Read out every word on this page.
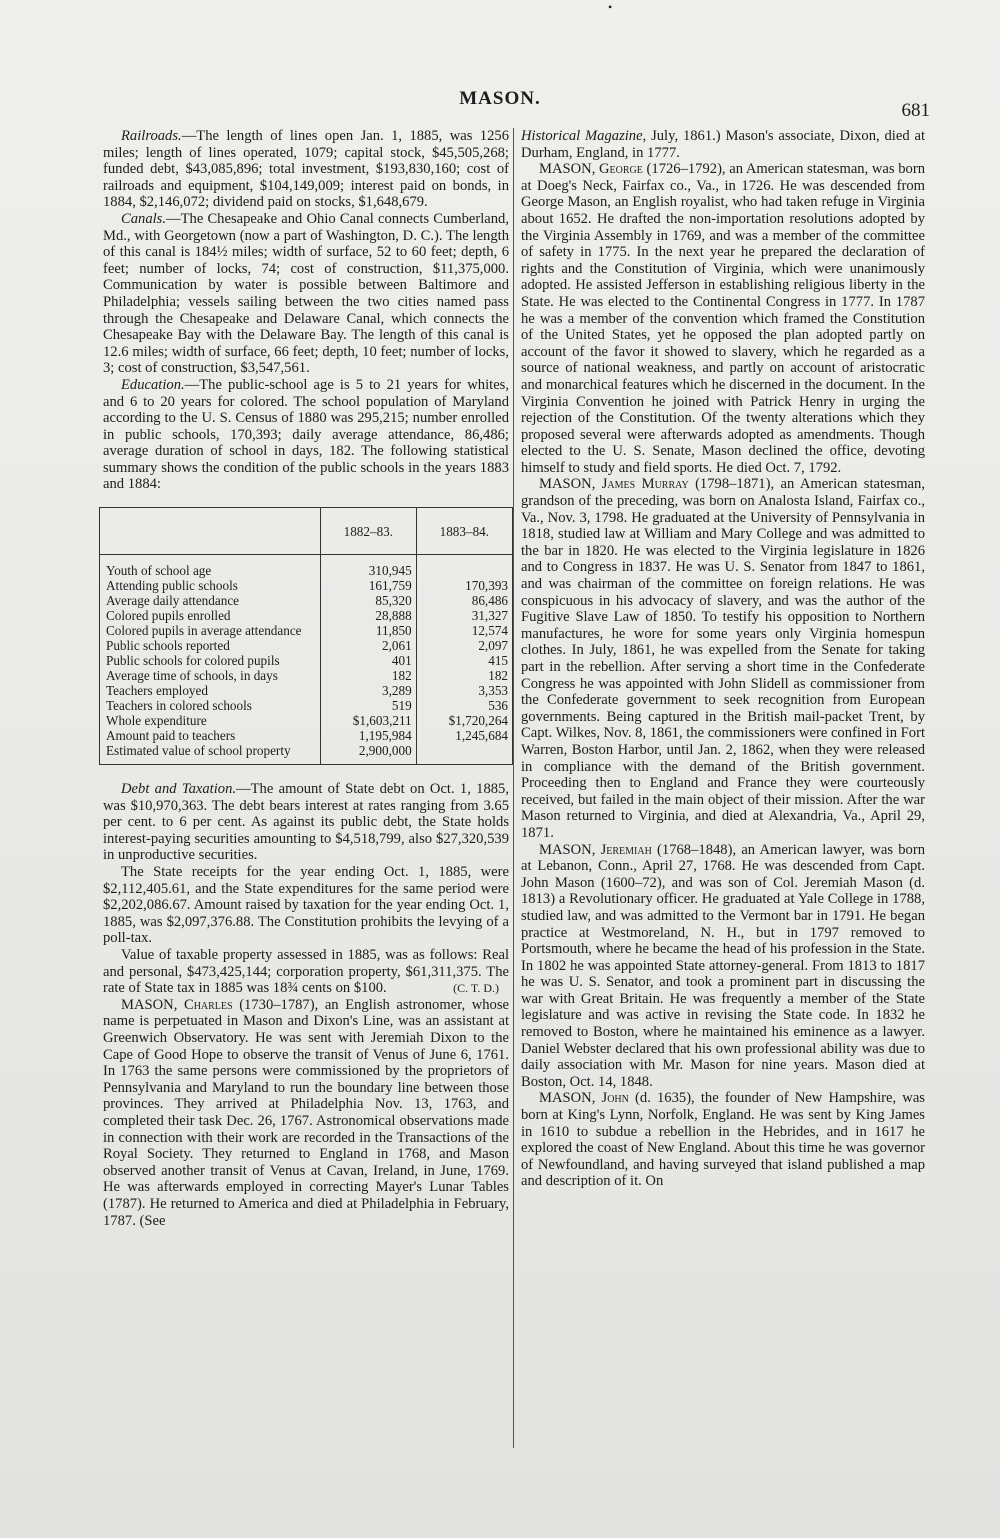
•
MASON.
681

Railroads.—The length of lines open Jan. 1, 1885, was 1256 miles; length of lines operated, 1079; capital stock, $45,505,268; funded debt, $43,085,896; total investment, $193,830,160; cost of railroads and equipment, $104,149,009; interest paid on bonds, in 1884, $2,146,072; dividend paid on stocks, $1,648,679.

Canals.—The Chesapeake and Ohio Canal connects Cumberland, Md., with Georgetown (now a part of Washington, D. C.). The length of this canal is 184½ miles; width of surface, 52 to 60 feet; depth, 6 feet; number of locks, 74; cost of construction, $11,375,000. Communication by water is possible between Baltimore and Philadelphia; vessels sailing between the two cities named pass through the Chesapeake and Delaware Canal, which connects the Chesapeake Bay with the Delaware Bay. The length of this canal is 12.6 miles; width of surface, 66 feet; depth, 10 feet; number of locks, 3; cost of construction, $3,547,561.

Education.—The public-school age is 5 to 21 years for whites, and 6 to 20 years for colored. The school population of Maryland according to the U. S. Census of 1880 was 295,215; number enrolled in public schools, 170,393; daily average attendance, 86,486; average duration of school in days, 182. The following statistical summary shows the condition of the public schools in the years 1883 and 1884:

	1882–83.	1883–84.
Youth of school age	310,945	
Attending public schools	161,759	170,393
Average daily attendance	85,320	86,486
Colored pupils enrolled	28,888	31,327
Colored pupils in average attendance	11,850	12,574
Public schools reported	2,061	2,097
Public schools for colored pupils	401	415
Average time of schools, in days	182	182
Teachers employed	3,289	3,353
Teachers in colored schools	519	536
Whole expenditure	$1,603,211	$1,720,264
Amount paid to teachers	1,195,984	1,245,684
Estimated value of school property	2,900,000	

Debt and Taxation.—The amount of State debt on Oct. 1, 1885, was $10,970,363. The debt bears interest at rates ranging from 3.65 per cent. to 6 per cent. As against its public debt, the State holds interest-paying securities amounting to $4,518,799, also $27,320,539 in unproductive securities.

The State receipts for the year ending Oct. 1, 1885, were $2,112,405.61, and the State expenditures for the same period were $2,202,086.67. Amount raised by taxation for the year ending Oct. 1, 1885, was $2,097,376.88. The Constitution prohibits the levying of a poll-tax.

Value of taxable property assessed in 1885, was as follows: Real and personal, $473,425,144; corporation property, $61,311,375. The rate of State tax in 1885 was 18¾ cents on $100.	(C. T. D.)

MASON, Charles (1730–1787), an English astronomer, whose name is perpetuated in Mason and Dixon's Line, was an assistant at Greenwich Observatory. He was sent with Jeremiah Dixon to the Cape of Good Hope to observe the transit of Venus of June 6, 1761. In 1763 the same persons were commissioned by the proprietors of Pennsylvania and Maryland to run the boundary line between those provinces. They arrived at Philadelphia Nov. 13, 1763, and completed their task Dec. 26, 1767. Astronomical observations made in connection with their work are recorded in the Transactions of the Royal Society. They returned to England in 1768, and Mason observed another transit of Venus at Cavan, Ireland, in June, 1769. He was afterwards employed in correcting Mayer's Lunar Tables (1787). He returned to America and died at Philadelphia in February, 1787. (See

Historical Magazine, July, 1861.) Mason's associate, Dixon, died at Durham, England, in 1777.

MASON, George (1726–1792), an American statesman, was born at Doeg's Neck, Fairfax co., Va., in 1726. He was descended from George Mason, an English royalist, who had taken refuge in Virginia about 1652. He drafted the non-importation resolutions adopted by the Virginia Assembly in 1769, and was a member of the committee of safety in 1775. In the next year he prepared the declaration of rights and the Constitution of Virginia, which were unanimously adopted. He assisted Jefferson in establishing religious liberty in the State. He was elected to the Continental Congress in 1777. In 1787 he was a member of the convention which framed the Constitution of the United States, yet he opposed the plan adopted partly on account of the favor it showed to slavery, which he regarded as a source of national weakness, and partly on account of aristocratic and monarchical features which he discerned in the document. In the Virginia Convention he joined with Patrick Henry in urging the rejection of the Constitution. Of the twenty alterations which they proposed several were afterwards adopted as amendments. Though elected to the U. S. Senate, Mason declined the office, devoting himself to study and field sports. He died Oct. 7, 1792.

MASON, James Murray (1798–1871), an American statesman, grandson of the preceding, was born on Analosta Island, Fairfax co., Va., Nov. 3, 1798. He graduated at the University of Pennsylvania in 1818, studied law at William and Mary College and was admitted to the bar in 1820. He was elected to the Virginia legislature in 1826 and to Congress in 1837. He was U. S. Senator from 1847 to 1861, and was chairman of the committee on foreign relations. He was conspicuous in his advocacy of slavery, and was the author of the Fugitive Slave Law of 1850. To testify his opposition to Northern manufactures, he wore for some years only Virginia homespun clothes. In July, 1861, he was expelled from the Senate for taking part in the rebellion. After serving a short time in the Confederate Congress he was appointed with John Slidell as commissioner from the Confederate government to seek recognition from European governments. Being captured in the British mail-packet Trent, by Capt. Wilkes, Nov. 8, 1861, the commissioners were confined in Fort Warren, Boston Harbor, until Jan. 2, 1862, when they were released in compliance with the demand of the British government. Proceeding then to England and France they were courteously received, but failed in the main object of their mission. After the war Mason returned to Virginia, and died at Alexandria, Va., April 29, 1871.

MASON, Jeremiah (1768–1848), an American lawyer, was born at Lebanon, Conn., April 27, 1768. He was descended from Capt. John Mason (1600–72), and was son of Col. Jeremiah Mason (d. 1813) a Revolutionary officer. He graduated at Yale College in 1788, studied law, and was admitted to the Vermont bar in 1791. He began practice at Westmoreland, N. H., but in 1797 removed to Portsmouth, where he became the head of his profession in the State. In 1802 he was appointed State attorney-general. From 1813 to 1817 he was U. S. Senator, and took a prominent part in discussing the war with Great Britain. He was frequently a member of the State legislature and was active in revising the State code. In 1832 he removed to Boston, where he maintained his eminence as a lawyer. Daniel Webster declared that his own professional ability was due to daily association with Mr. Mason for nine years. Mason died at Boston, Oct. 14, 1848.

MASON, John (d. 1635), the founder of New Hampshire, was born at King's Lynn, Norfolk, England. He was sent by King James in 1610 to subdue a rebellion in the Hebrides, and in 1617 he explored the coast of New England. About this time he was governor of Newfoundland, and having surveyed that island published a map and description of it. On
